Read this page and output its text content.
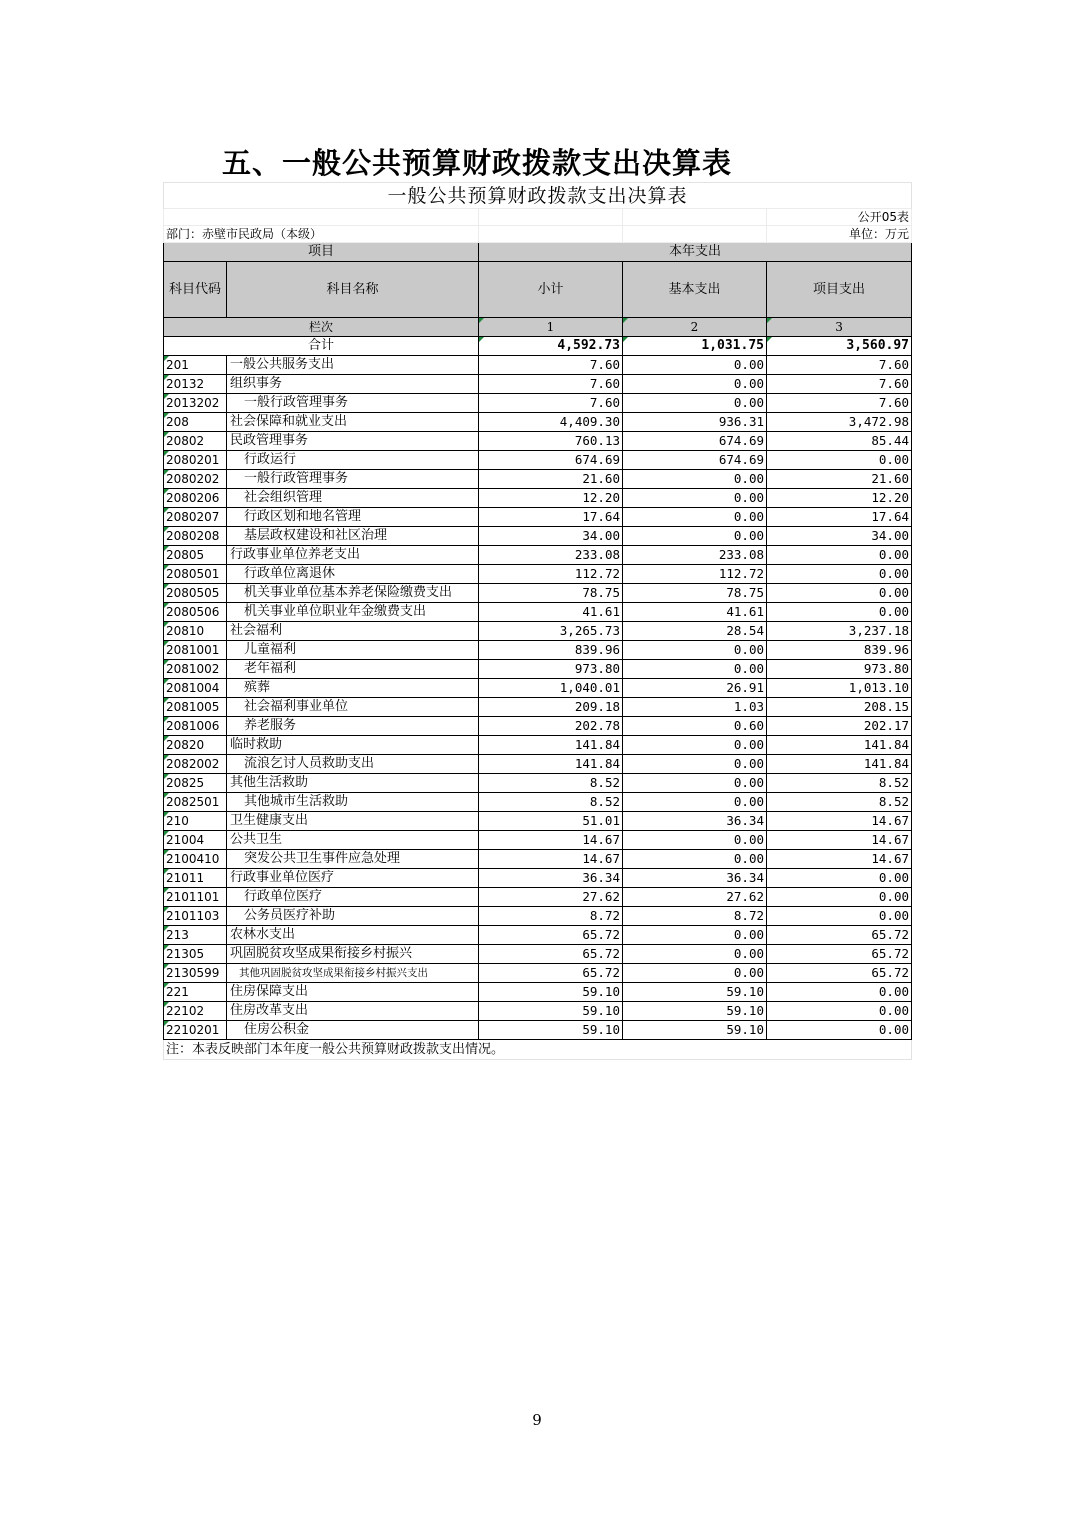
五、一般公共预算财政拨款支出决算表
一般公共预算财政拨款支出决算表				
				公开05表
部门：赤壁市民政局（本级）				单位：万元
项目		本年支出		
科目代码	科目名称	小计	基本支出	项目支出
栏次		1	2	3
合计		4,592.73	1,031.75	3,560.97
201	一般公共服务支出	7.60	0.00	7.60
20132	组织事务	7.60	0.00	7.60
2013202	一般行政管理事务	7.60	0.00	7.60
208	社会保障和就业支出	4,409.30	936.31	3,472.98
20802	民政管理事务	760.13	674.69	85.44
2080201	行政运行	674.69	674.69	0.00
2080202	一般行政管理事务	21.60	0.00	21.60
2080206	社会组织管理	12.20	0.00	12.20
2080207	行政区划和地名管理	17.64	0.00	17.64
2080208	基层政权建设和社区治理	34.00	0.00	34.00
20805	行政事业单位养老支出	233.08	233.08	0.00
2080501	行政单位离退休	112.72	112.72	0.00
2080505	机关事业单位基本养老保险缴费支出	78.75	78.75	0.00
2080506	机关事业单位职业年金缴费支出	41.61	41.61	0.00
20810	社会福利	3,265.73	28.54	3,237.18
2081001	儿童福利	839.96	0.00	839.96
2081002	老年福利	973.80	0.00	973.80
2081004	殡葬	1,040.01	26.91	1,013.10
2081005	社会福利事业单位	209.18	1.03	208.15
2081006	养老服务	202.78	0.60	202.17
20820	临时救助	141.84	0.00	141.84
2082002	流浪乞讨人员救助支出	141.84	0.00	141.84
20825	其他生活救助	8.52	0.00	8.52
2082501	其他城市生活救助	8.52	0.00	8.52
210	卫生健康支出	51.01	36.34	14.67
21004	公共卫生	14.67	0.00	14.67
2100410	突发公共卫生事件应急处理	14.67	0.00	14.67
21011	行政事业单位医疗	36.34	36.34	0.00
2101101	行政单位医疗	27.62	27.62	0.00
2101103	公务员医疗补助	8.72	8.72	0.00
213	农林水支出	65.72	0.00	65.72
21305	巩固脱贫攻坚成果衔接乡村振兴	65.72	0.00	65.72
2130599	其他巩固脱贫攻坚成果衔接乡村振兴支出	65.72	0.00	65.72
221	住房保障支出	59.10	59.10	0.00
22102	住房改革支出	59.10	59.10	0.00
2210201	住房公积金	59.10	59.10	0.00
注：本表反映部门本年度一般公共预算财政拨款支出情况。				
9
